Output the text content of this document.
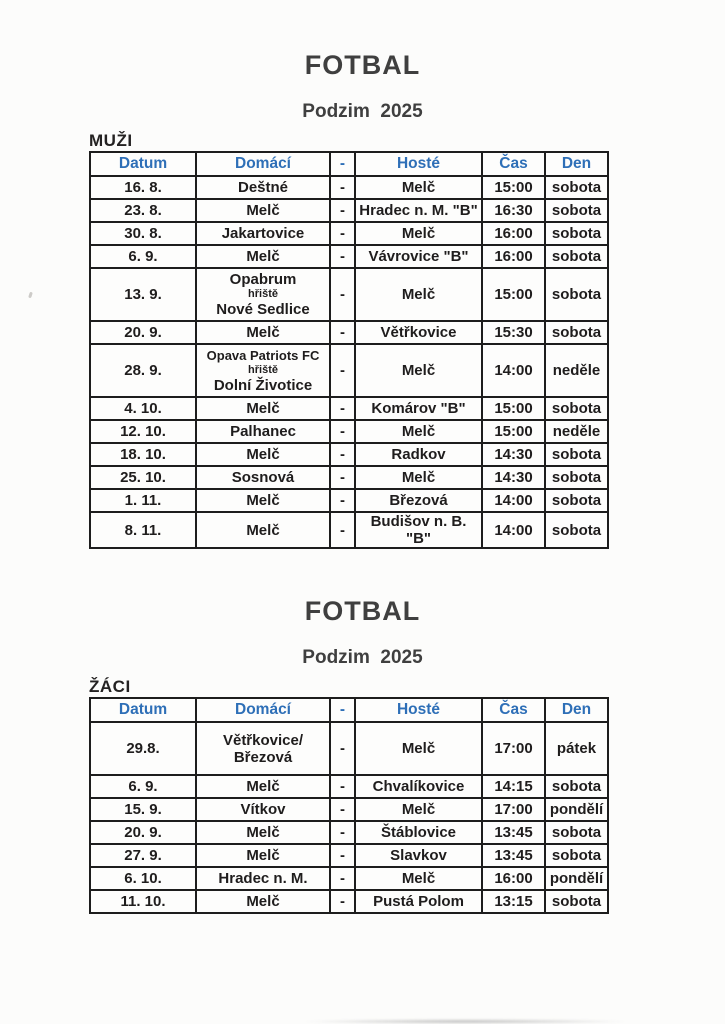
FOTBAL
Podzim  2025
MUŽI
Datum	Domácí	-	Hosté	Čas	Den
16. 8.	Deštné	-	Melč	15:00	sobota
23. 8.	Melč	-	Hradec n. M. "B"	16:30	sobota
30. 8.	Jakartovice	-	Melč	16:00	sobota
6. 9.	Melč	-	Vávrovice "B"	16:00	sobota
13. 9.	Opabrum
hřiště
Nové Sedlice	-	Melč	15:00	sobota
20. 9.	Melč	-	Větřkovice	15:30	sobota
28. 9.	Opava Patriots FC
hřiště
Dolní Životice	-	Melč	14:00	neděle
4. 10.	Melč	-	Komárov "B"	15:00	sobota
12. 10.	Palhanec	-	Melč	15:00	neděle
18. 10.	Melč	-	Radkov	14:30	sobota
25. 10.	Sosnová	-	Melč	14:30	sobota
1. 11.	Melč	-	Březová	14:00	sobota
8. 11.	Melč	-	Budišov n. B. "B"	14:00	sobota
FOTBAL
Podzim  2025
ŽÁCI
Datum	Domácí	-	Hosté	Čas	Den
29.8.	Větřkovice/
Březová	-	Melč	17:00	pátek
6. 9.	Melč	-	Chvalíkovice	14:15	sobota
15. 9.	Vítkov	-	Melč	17:00	pondělí
20. 9.	Melč	-	Štáblovice	13:45	sobota
27. 9.	Melč	-	Slavkov	13:45	sobota
6. 10.	Hradec n. M.	-	Melč	16:00	pondělí
11. 10.	Melč	-	Pustá Polom	13:15	sobota
